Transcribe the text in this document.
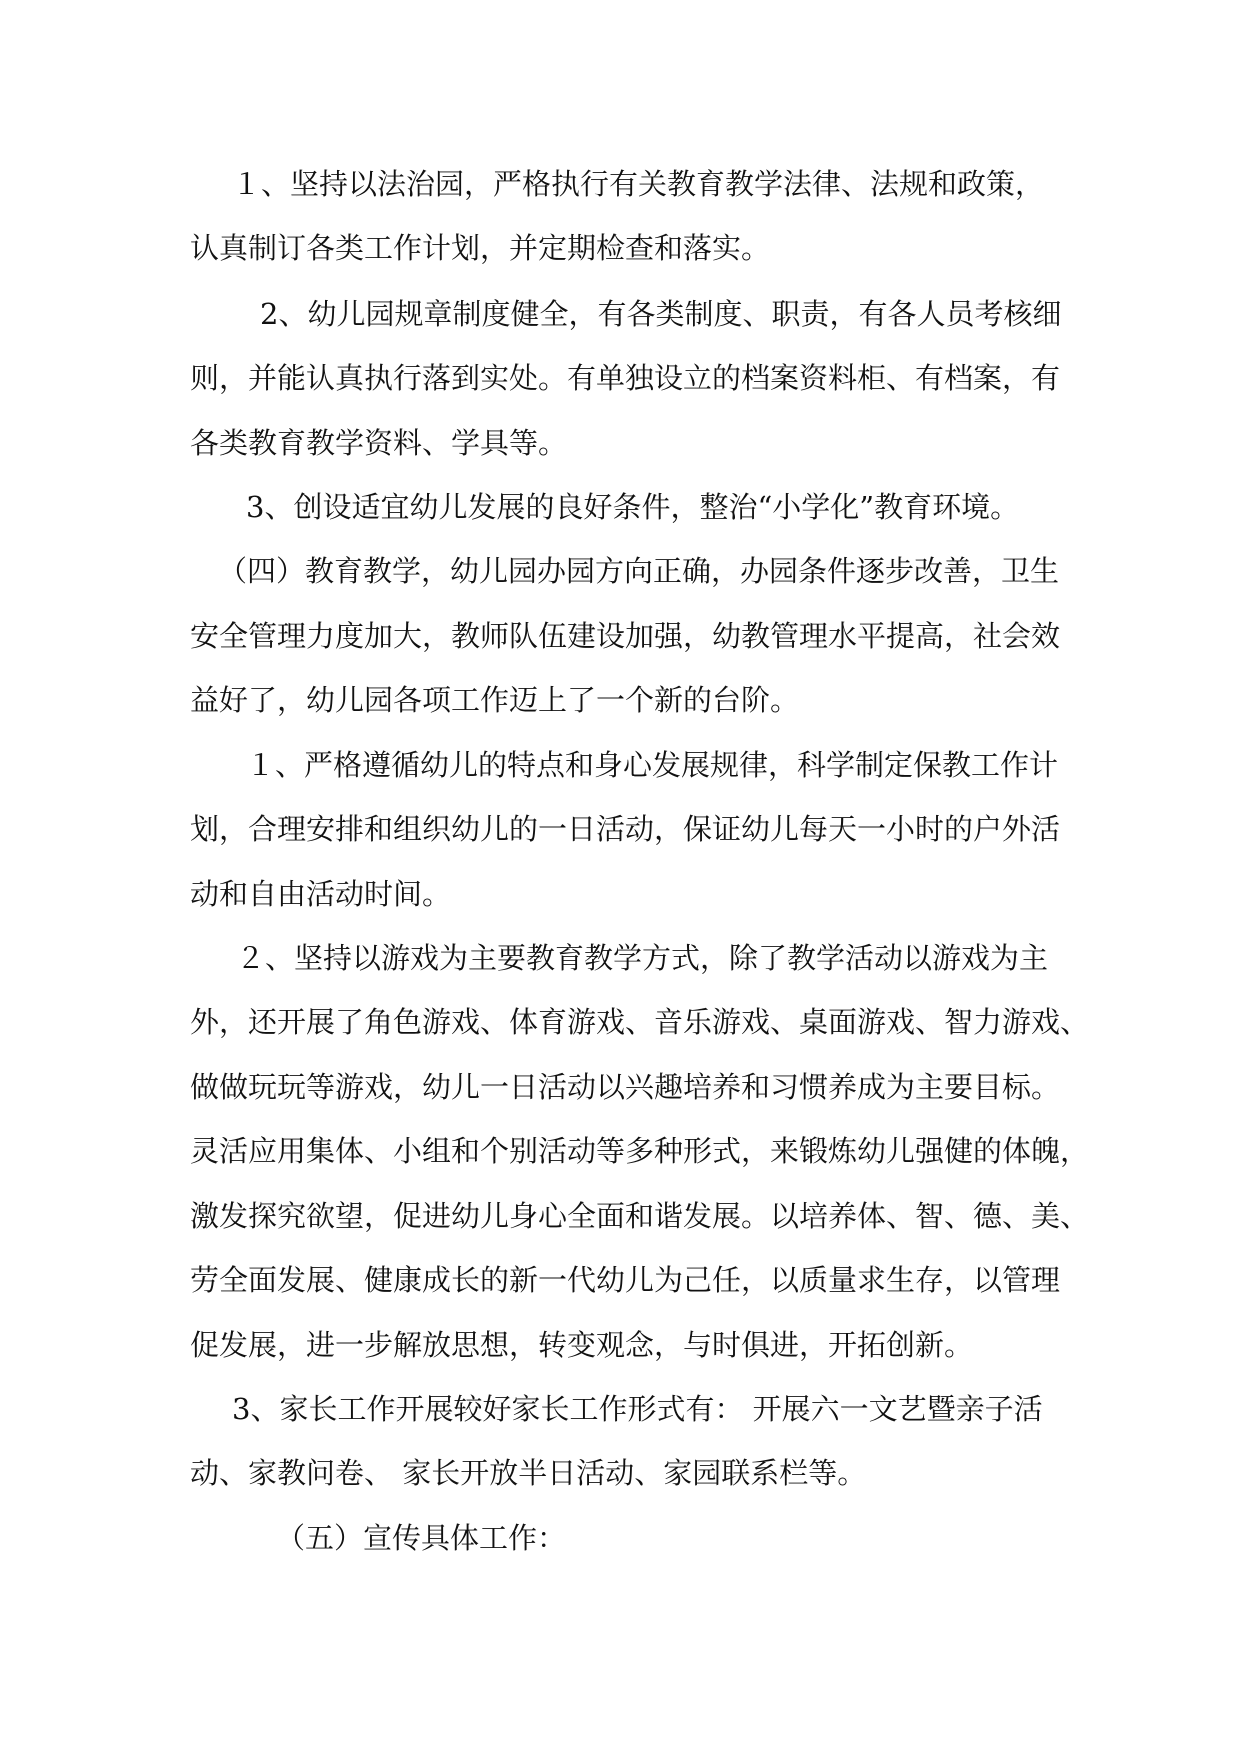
１、坚持以法治园，严格执行有关教育教学法律、法规和政策，

认真制订各类工作计划，并定期检查和落实。

2、幼儿园规章制度健全，有各类制度、职责，有各人员考核细

则，并能认真执行落到实处。有单独设立的档案资料柜、有档案，有

各类教育教学资料、学具等。

3、创设适宜幼儿发展的良好条件，整治“小学化”教育环境。

（四）教育教学，幼儿园办园方向正确，办园条件逐步改善，卫生

安全管理力度加大，教师队伍建设加强，幼教管理水平提高，社会效

益好了，幼儿园各项工作迈上了一个新的台阶。

１、严格遵循幼儿的特点和身心发展规律，科学制定保教工作计

划，合理安排和组织幼儿的一日活动，保证幼儿每天一小时的户外活

动和自由活动时间。

２、坚持以游戏为主要教育教学方式，除了教学活动以游戏为主

外，还开展了角色游戏、体育游戏、音乐游戏、桌面游戏、智力游戏、

做做玩玩等游戏，幼儿一日活动以兴趣培养和习惯养成为主要目标。

灵活应用集体、小组和个别活动等多种形式，来锻炼幼儿强健的体魄，

激发探究欲望，促进幼儿身心全面和谐发展。以培养体、智、德、美、

劳全面发展、健康成长的新一代幼儿为己任，以质量求生存，以管理

促发展，进一步解放思想，转变观念，与时俱进，开拓创新。

3、家长工作开展较好家长工作形式有： 开展六一文艺暨亲子活

动、家教问卷、 家长开放半日活动、家园联系栏等。

（五）宣传具体工作：
